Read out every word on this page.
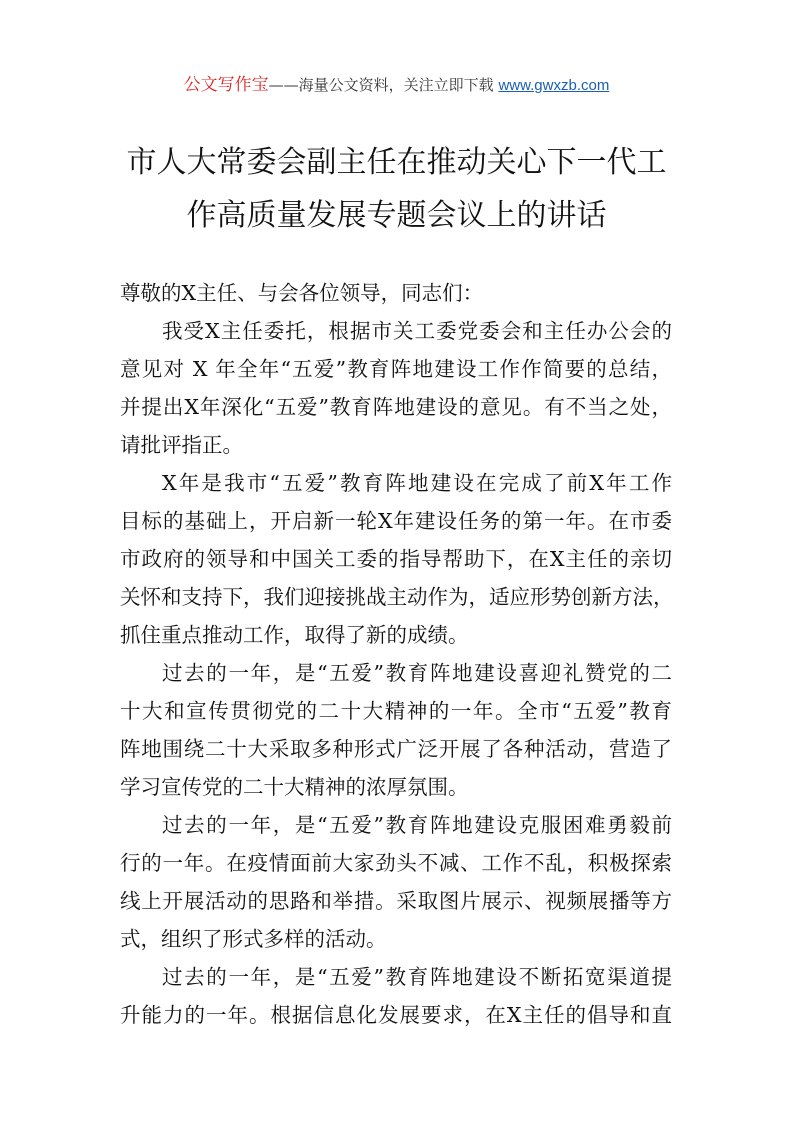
公文写作宝——海量公文资料，关注立即下载 www.gwxzb.com
市人大常委会副主任在推动关心下一代工
作高质量发展专题会议上的讲话
尊敬的X主任、与会各位领导，同志们：
我受X主任委托，根据市关工委党委会和主任办公会的
意见对 X 年全年“五爱”教育阵地建设工作作简要的总结，
并提出X年深化“五爱”教育阵地建设的意见。有不当之处，
请批评指正。
X年是我市“五爱”教育阵地建设在完成了前X年工作
目标的基础上，开启新一轮X年建设任务的第一年。在市委
市政府的领导和中国关工委的指导帮助下，在X主任的亲切
关怀和支持下，我们迎接挑战主动作为，适应形势创新方法，
抓住重点推动工作，取得了新的成绩。
过去的一年，是“五爱”教育阵地建设喜迎礼赞党的二
十大和宣传贯彻党的二十大精神的一年。全市“五爱”教育
阵地围绕二十大采取多种形式广泛开展了各种活动，营造了
学习宣传党的二十大精神的浓厚氛围。
过去的一年，是“五爱”教育阵地建设克服困难勇毅前
行的一年。在疫情面前大家劲头不减、工作不乱，积极探索
线上开展活动的思路和举措。采取图片展示、视频展播等方
式，组织了形式多样的活动。
过去的一年，是“五爱”教育阵地建设不断拓宽渠道提
升能力的一年。根据信息化发展要求，在X主任的倡导和直
